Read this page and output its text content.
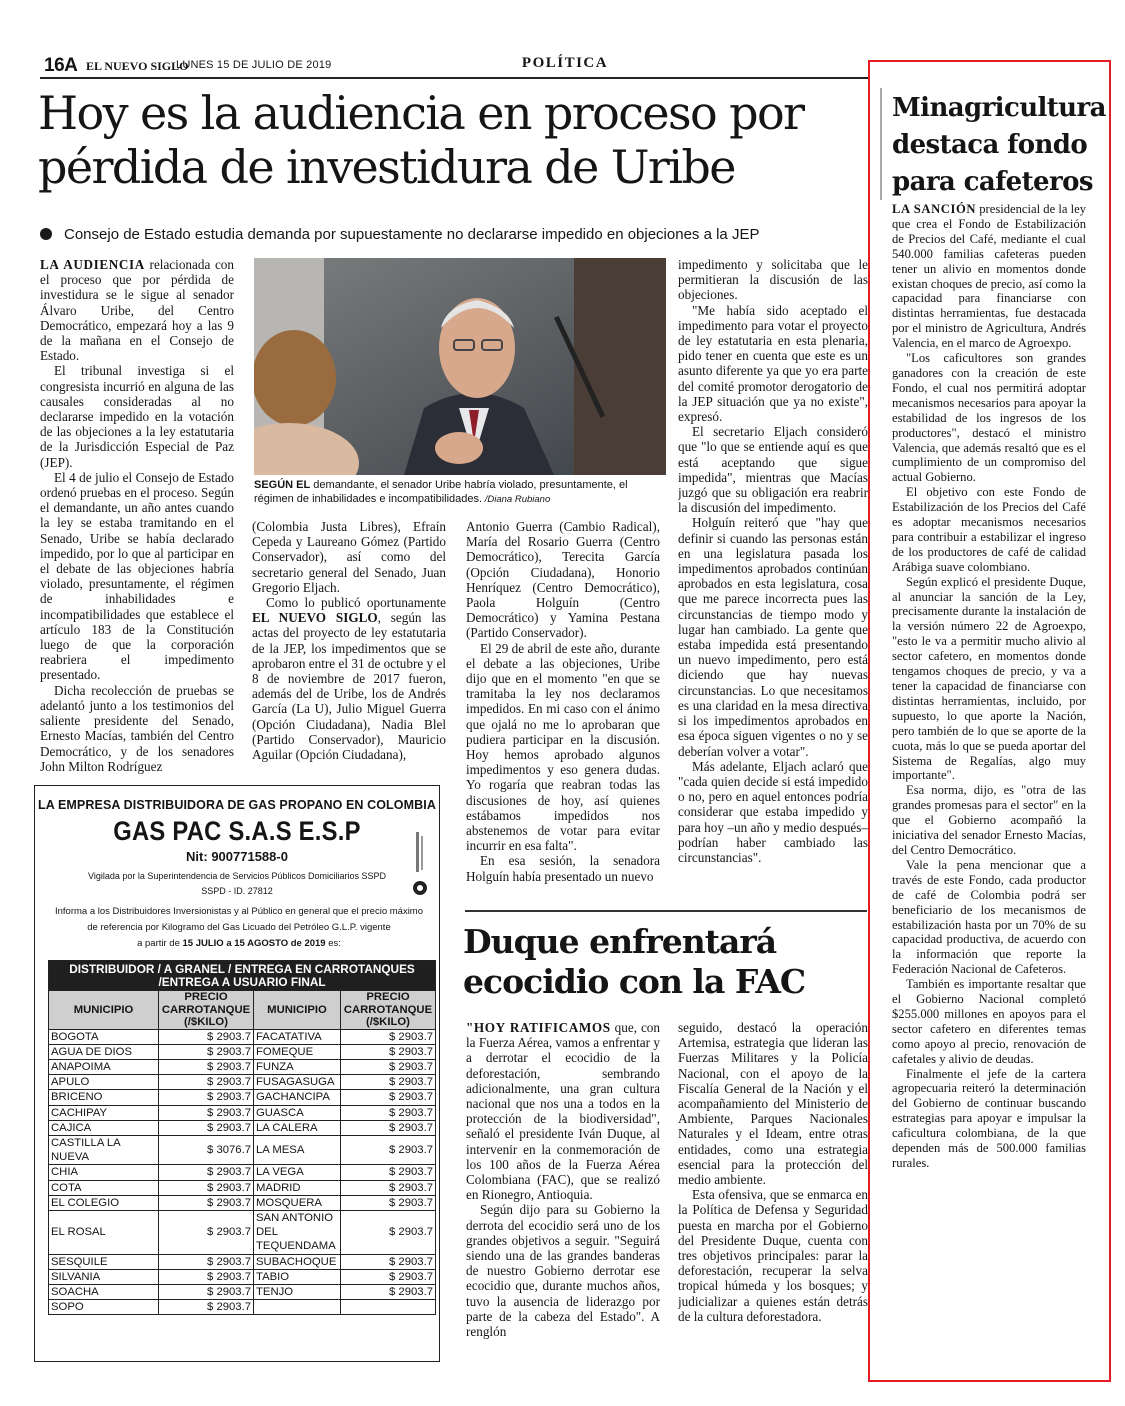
16A EL NUEVO SIGLO
LUNES 15 DE JULIO DE 2019	POLÍTICA
Hoy es la audiencia en proceso por
pérdida de investidura de Uribe
Consejo de Estado estudia demanda por supuestamente no declararse impedido en objeciones a la JEP
SEGÚN EL demandante, el senador Uribe habría violado, presuntamente, el régimen de inhabilidades e incompatibilidades. /Diana Rubiano

LA AUDIENCIA relacionada con el proceso que por pérdida de investidura se le sigue al senador Álvaro Uribe, del Centro Democrático, empezará hoy a las 9 de la mañana en el Consejo de Estado.

El tribunal investiga si el congresista incurrió en alguna de las causales consideradas al no declararse impedido en la votación de las objeciones a la ley estatutaria de la Jurisdicción Especial de Paz (JEP).

El 4 de julio el Consejo de Estado ordenó pruebas en el proceso. Según el demandante, un año antes cuando la ley se estaba tramitando en el Senado, Uribe se había declarado impedido, por lo que al participar en el debate de las objeciones habría violado, presuntamente, el régimen de inhabilidades e incompatibilidades que establece el artículo 183 de la Constitución luego de que la corporación reabriera el impedimento presentado.

Dicha recolección de pruebas se adelantó junto a los testimonios del saliente presidente del Senado, Ernesto Macías, también del Centro Democrático, y de los senadores John Milton Rodríguez

(Colombia Justa Libres), Efraín Cepeda y Laureano Gómez (Partido Conservador), así como del secretario general del Senado, Juan Gregorio Eljach.

Como lo publicó oportunamente EL NUEVO SIGLO, según las actas del proyecto de ley estatutaria de la JEP, los impedimentos que se aprobaron entre el 31 de octubre y el 8 de noviembre de 2017 fueron, además del de Uribe, los de Andrés García (La U), Julio Miguel Guerra (Opción Ciudadana), Nadia Blel (Partido Conservador), Mauricio Aguilar (Opción Ciudadana),

Antonio Guerra (Cambio Radical), María del Rosario Guerra (Centro Democrático), Terecita García (Opción Ciudadana), Honorio Henríquez (Centro Democrático), Paola Holguín (Centro Democrático) y Yamina Pestana (Partido Conservador).

El 29 de abril de este año, durante el debate a las objeciones, Uribe dijo que en el momento "en que se tramitaba la ley nos declaramos impedidos. En mi caso con el ánimo que ojalá no me lo aprobaran que pudiera participar en la discusión. Hoy hemos aprobado algunos impedimentos y eso genera dudas. Yo rogaría que reabran todas las discusiones de hoy, así quienes estábamos impedidos nos abstenemos de votar para evitar incurrir en esa falta".

En esa sesión, la senadora Holguín había presentado un nuevo

impedimento y solicitaba que le permitieran la discusión de las objeciones.

"Me había sido aceptado el impedimento para votar el proyecto de ley estatutaria en esta plenaria, pido tener en cuenta que este es un asunto diferente ya que yo era parte del comité promotor derogatorio de la JEP situación que ya no existe", expresó.

El secretario Eljach consideró que "lo que se entiende aquí es que está aceptando que sigue impedida", mientras que Macías juzgó que su obligación era reabrir la discusión del impedimento.

Holguín reiteró que "hay que definir si cuando las personas están en una legislatura pasada los impedimentos aprobados continúan aprobados en esta legislatura, cosa que me parece incorrecta pues las circunstancias de tiempo modo y lugar han cambiado. La gente que estaba impedida está presentando un nuevo impedimento, pero está diciendo que hay nuevas circunstancias. Lo que necesitamos es una claridad en la mesa directiva si los impedimentos aprobados en esa época siguen vigentes o no y se deberían volver a votar".

Más adelante, Eljach aclaró que "cada quien decide si está impedido o no, pero en aquel entonces podría considerar que estaba impedido y para hoy –un año y medio después– podrían haber cambiado las circunstancias".

Duque enfrentará
ecocidio con la FAC

"HOY RATIFICAMOS que, con la Fuerza Aérea, vamos a enfrentar y a derrotar el ecocidio de la deforestación, sembrando adicionalmente, una gran cultura nacional que nos una a todos en la protección de la biodiversidad", señaló el presidente Iván Duque, al intervenir en la conmemoración de los 100 años de la Fuerza Aérea Colombiana (FAC), que se realizó en Rionegro, Antioquia.

Según dijo para su Gobierno la derrota del ecocidio será uno de los grandes objetivos a seguir. "Seguirá siendo una de las grandes banderas de nuestro Gobierno derrotar ese ecocidio que, durante muchos años, tuvo la ausencia de liderazgo por parte de la cabeza del Estado". A renglón

seguido, destacó la operación Artemisa, estrategia que lideran las Fuerzas Militares y la Policía Nacional, con el apoyo de la Fiscalía General de la Nación y el acompañamiento del Ministerio de Ambiente, Parques Nacionales Naturales y el Ideam, entre otras entidades, como una estrategia esencial para la protección del medio ambiente.

Esta ofensiva, que se enmarca en la Política de Defensa y Seguridad puesta en marcha por el Gobierno del Presidente Duque, cuenta con tres objetivos principales: parar la deforestación, recuperar la selva tropical húmeda y los bosques; y judicializar a quienes están detrás de la cultura deforestadora.

Minagricultura
destaca fondo
para cafeteros

LA SANCIÓN presidencial de la ley que crea el Fondo de Estabilización de Precios del Café, mediante el cual 540.000 familias cafeteras pueden tener un alivio en momentos donde existan choques de precio, así como la capacidad para financiarse con distintas herramientas, fue destacada por el ministro de Agricultura, Andrés Valencia, en el marco de Agroexpo.

"Los caficultores son grandes ganadores con la creación de este Fondo, el cual nos permitirá adoptar mecanismos necesarios para apoyar la estabilidad de los ingresos de los productores", destacó el ministro Valencia, que además resaltó que es el cumplimiento de un compromiso del actual Gobierno.

El objetivo con este Fondo de Estabilización de los Precios del Café es adoptar mecanismos necesarios para contribuir a estabilizar el ingreso de los productores de café de calidad Arábiga suave colombiano.

Según explicó el presidente Duque, al anunciar la sanción de la Ley, precisamente durante la instalación de la versión número 22 de Agroexpo, "esto le va a permitir mucho alivio al sector cafetero, en momentos donde tengamos choques de precio, y va a tener la capacidad de financiarse con distintas herramientas, incluido, por supuesto, lo que aporte la Nación, pero también de lo que se aporte de la cuota, más lo que se pueda aportar del Sistema de Regalías, algo muy importante".

Esa norma, dijo, es "otra de las grandes promesas para el sector" en la que el Gobierno acompañó la iniciativa del senador Ernesto Macías, del Centro Democrático.

Vale la pena mencionar que a través de este Fondo, cada productor de café de Colombia podrá ser beneficiario de los mecanismos de estabilización hasta por un 70% de su capacidad productiva, de acuerdo con la información que reporte la Federación Nacional de Cafeteros.

También es importante resaltar que el Gobierno Nacional completó $255.000 millones en apoyos para el sector cafetero en diferentes temas como apoyo al precio, renovación de cafetales y alivio de deudas.

Finalmente el jefe de la cartera agropecuaria reiteró la determinación del Gobierno de continuar buscando estrategias para apoyar e impulsar la caficultura colombiana, de la que dependen más de 500.000 familias rurales.

LA EMPRESA DISTRIBUIDORA DE GAS PROPANO EN COLOMBIA
GAS PAC S.A.S E.S.P
Nit: 900771588-0
Vigilada por la Superintendencia de Servicios Públicos Domiciliarios SSPD
SSPD - ID. 27812
Informa a los Distribuidores Inversionistas y al Público en general que el precio máximo
de referencia por Kilogramo del Gas Licuado del Petróleo G.L.P. vigente
a partir de 15 JULIO a 15 AGOSTO de 2019 es:
DISTRIBUIDOR / A GRANEL / ENTREGA EN CARROTANQUES
/ENTREGA A USUARIO FINAL			
MUNICIPIO	PRECIO
CARROTANQUE
(/$KILO)	MUNICIPIO	PRECIO
CARROTANQUE
(/$KILO)
BOGOTA	$ 2903.7	FACATATIVA	$ 2903.7
AGUA DE DIOS	$ 2903.7	FOMEQUE	$ 2903.7
ANAPOIMA	$ 2903.7	FUNZA	$ 2903.7
APULO	$ 2903.7	FUSAGASUGA	$ 2903.7
BRICENO	$ 2903.7	GACHANCIPA	$ 2903.7
CACHIPAY	$ 2903.7	GUASCA	$ 2903.7
CAJICA	$ 2903.7	LA CALERA	$ 2903.7
CASTILLA LA NUEVA	$ 3076.7	LA MESA	$ 2903.7
CHIA	$ 2903.7	LA VEGA	$ 2903.7
COTA	$ 2903.7	MADRID	$ 2903.7
EL COLEGIO	$ 2903.7	MOSQUERA	$ 2903.7
EL ROSAL	$ 2903.7	SAN ANTONIO DEL TEQUENDAMA	$ 2903.7
SESQUILE	$ 2903.7	SUBACHOQUE	$ 2903.7
SILVANIA	$ 2903.7	TABIO	$ 2903.7
SOACHA	$ 2903.7	TENJO	$ 2903.7
SOPO	$ 2903.7		
